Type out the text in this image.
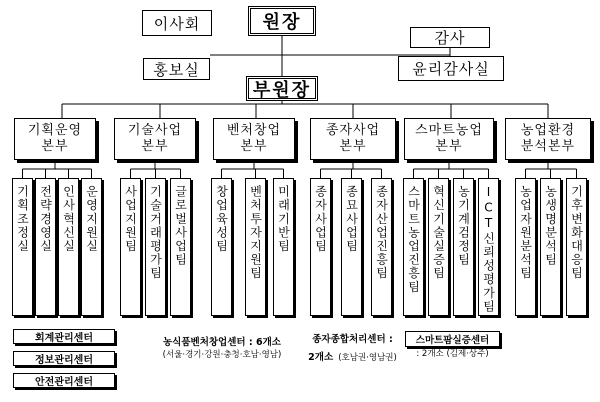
이사회	원장
감사
홍보실	윤리감사실
부원장
기획운영
본부
기술사업
본부
벤처창업
본부
종자사업
본부
스마트농업
본부
농업환경
분석본부
기획조정실 전략경영실 인사혁신실 운영지원실 사업지원팀 기술거래평가팀 글로벌사업팀 창업육성팀 벤처투자지원팀 미래기반팀 종자사업팀 종묘사업팀 종자산업진흥팀 스마트농업진흥팀 혁신기술실증팀 농기계검정팀 ICT신뢰성평가팀 농업자원분석팀 농생명분석팀 기후변화대응팀
회계관리센터
정보관리센터
안전관리센터
농식품벤처창업센터 : 6개소
(서울·경기·강원·충청·호남·영남)
종자종합처리센터 :
2개소 (호남권·영남권)
스마트팜실증센터
: 2개소 (김제·상주)
